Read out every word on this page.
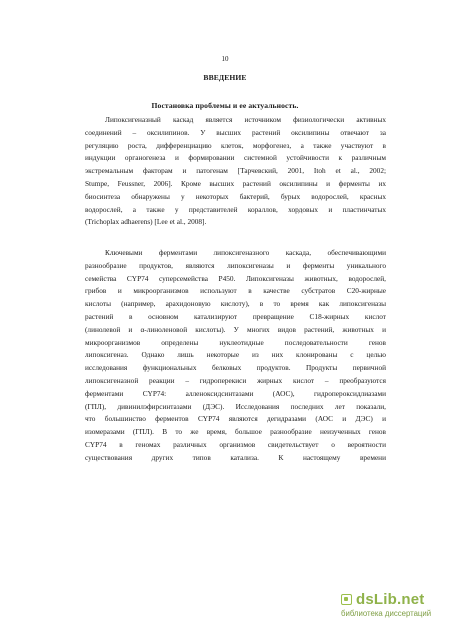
10
ВВЕДЕНИЕ
Постановка проблемы и ее актуальность.
Липоксигеназный каскад является источником физиологически активных
соединений – оксилипинов. У высших растений оксилипины отвечают за
регуляцию роста, дифференциацию клеток, морфогенез, а также участвуют в
индукции органогенеза и формировании системной устойчивости к различным
экстремальным факторам и патогенам [Тарчевский, 2001, Itoh et al., 2002;
Stumpe, Feussner, 2006]. Кроме высших растений оксилипины и ферменты их
биосинтеза обнаружены у некоторых бактерий, бурых водорослей, красных
водорослей, а также у представителей кораллов, хордовых и пластинчатых
(Trichoplax adhaerens) [Lee et al., 2008].
Ключевыми ферментами липоксигеназного каскада, обеспечивающими
разнообразие продуктов, являются липоксигеназы и ферменты уникального
семейства CYP74 суперсемейства P450. Липоксигеназы животных, водорослей,
грибов и микроорганизмов используют в качестве субстратов C20-жирные
кислоты (например, арахидоновую кислоту), в то время как липоксигеназы
растений в основном катализируют превращение C18-жирных кислот
(линолевой и α-линоленовой кислоты). У многих видов растений, животных и
микроорганизмов определены нуклеотидные последовательности генов
липоксигеназ. Однако лишь некоторые из них клонированы с целью
исследования функциональных белковых продуктов. Продукты первичной
липоксигеназной реакции – гидроперекиси жирных кислот – преобразуются
ферментами CYP74: алленоксидсинтазами (АОС), гидропероксидлиазами
(ГПЛ), дивинилэфирсинтазами (ДЭС). Исследования последних лет показали,
что большинство ферментов CYP74 являются дегидразами (АОС и ДЭС) и
изомеразами (ГПЛ). В то же время, большое разнообразие неизученных генов
CYP74 в геномах различных организмов свидетельствует о вероятности
существования других типов катализа. К настоящему времени
dsLib.net
библиотека диссертаций
